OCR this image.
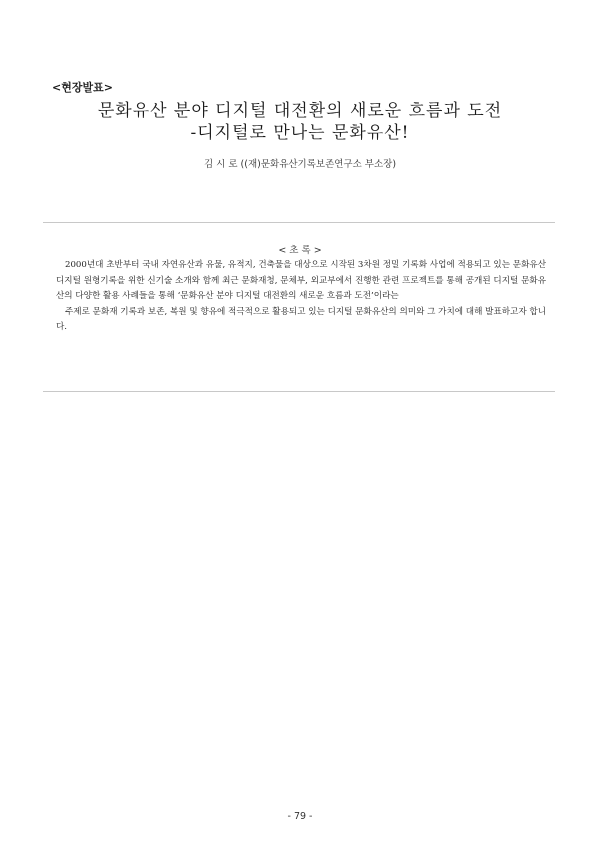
<현장발표>
문화유산 분야 디지털 대전환의 새로운 흐름과 도전
-디지털로 만나는 문화유산!
김 시 로 ((재)문화유산기록보존연구소 부소장)
< 초 록 >

2000년대 초반부터 국내 자연유산과 유물, 유적지, 건축물을 대상으로 시작된 3차원 정밀 기록화 사업에 적용되고 있는 문화유산 디지털 원형기록을 위한 신기술 소개와 함께 최근 문화재청, 문체부, 외교부에서 진행한 관련 프로젝트를 통해 공개된 디지털 문화유산의 다양한 활용 사례들을 통해 ‘문화유산 분야 디지털 대전환의 새로운 흐름과 도전’이라는

주제로 문화재 기록과 보존, 복원 및 향유에 적극적으로 활용되고 있는 디지털 문화유산의 의미와 그 가치에 대해 발표하고자 합니다.

- 79 -
